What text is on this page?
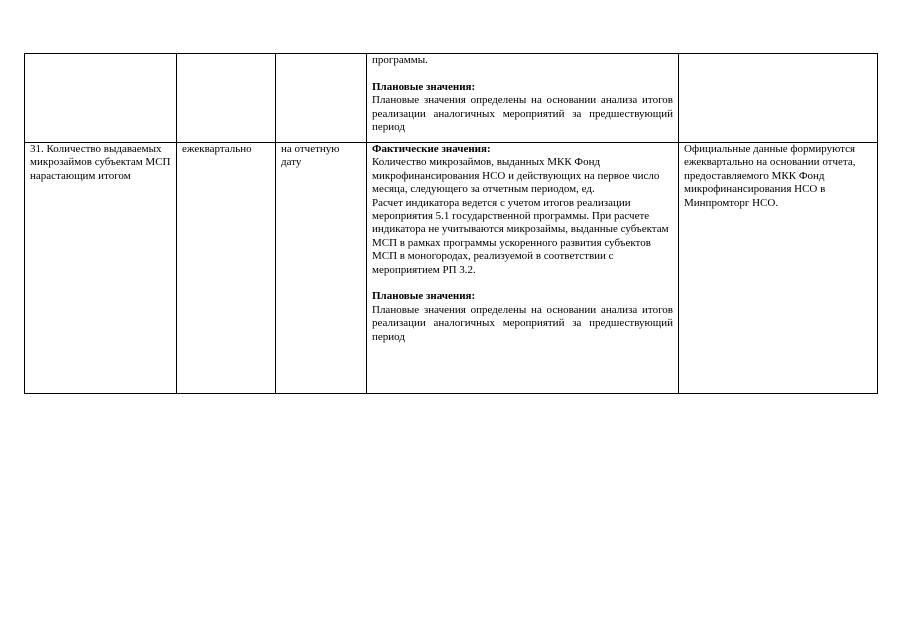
			программы.
Плановые значения:
Плановые значения определены на основании анализа итогов реализации аналогичных мероприятий за предшествующий период	

31. Количество выдаваемых микрозаймов субъектам МСП нарастающим итогом	ежеквартально	на отчетную дату	Фактические значения:
Количество микрозаймов, выданных МКК Фонд микрофинансирования НСО и действующих на первое число месяца, следующего за отчетным периодом, ед.
Расчет индикатора ведется с учетом итогов реализации мероприятия 5.1 государственной программы. При расчете индикатора не учитываются микрозаймы, выданные субъектам МСП в рамках программы ускоренного развития субъектов МСП в моногородах, реализуемой в соответствии с мероприятием РП 3.2.
Плановые значения:
Плановые значения определены на основании анализа итогов реализации аналогичных мероприятий за предшествующий период	Официальные данные формируются ежеквартально на основании отчета, предоставляемого МКК Фонд микрофинансирования НСО в Минпромторг НСО.
